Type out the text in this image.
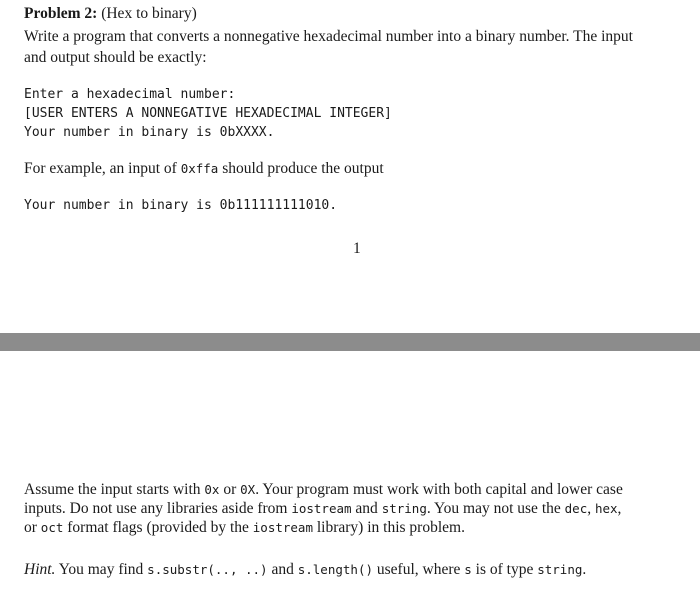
Problem 2: (Hex to binary)
Write a program that converts a nonnegative hexadecimal number into a binary number. The input
and output should be exactly:
Enter a hexadecimal number:
[USER ENTERS A NONNEGATIVE HEXADECIMAL INTEGER]
Your number in binary is 0bXXXX.
For example, an input of 0xffa should produce the output
Your number in binary is 0b111111111010.
1
Assume the input starts with 0x or 0X. Your program must work with both capital and lower case
inputs. Do not use any libraries aside from iostream and string. You may not use the dec, hex,
or oct format flags (provided by the iostream library) in this problem.
Hint. You may find s.substr(.., ..) and s.length() useful, where s is of type string.
